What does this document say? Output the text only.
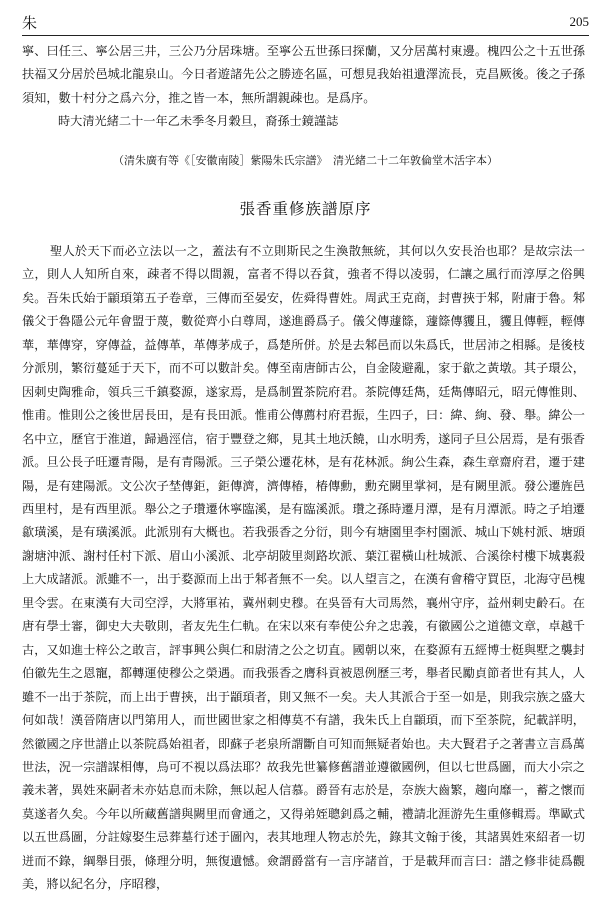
朱	205

寧、曰任三、寧公居三井，三公乃分居珠塘。至寧公五世孫曰探蘭，又分居萬村東邊。槐四公之十五世孫扶福又分居於邑城北龍泉山。今日者遊諸先公之勝迹名區，可想見我始祖遺澤流長，克昌厥後。後之子孫須知，數十村分之爲六分，推之皆一本，無所謂親疎也。是爲序。

時大清光緒二十一年乙未季冬月穀旦，裔孫士鏡謹誌

（清朱廣有等《［安徽南陵］紫陽朱氏宗譜》　清光緒二十二年敦倫堂木活字本）
張香重修族譜原序

聖人於天下而必立法以一之，蓋法有不立則斯民之生渙散無統，其何以久安長治也耶？是故宗法一立，則人人知所自來，疎者不得以間親，富者不得以吞貧，強者不得以凌弱，仁讓之風行而淳厚之俗興矣。吾朱氏始于顓頊第五子卷章，三傳而至晏安，佐舜得曹姓。周武王克商，封曹挾于邾，附庸于魯。邾儀父于魯隱公元年會盟于蔑，數從齊小白尊周，遂進爵爲子。儀父傳蘧篨，蘧篨傳貜且，貜且傳輕，輕傳華，華傳穿，穿傳益，益傳革，革傳茅成子，爲楚所併。於是去邾邑而以朱爲氏，世居沛之相縣。是後枝分派別，繁衍蔓延于天下，而不可以數計矣。傳至南唐師古公，自金陵避亂，家于歙之黃墩。其子環公，因刺史陶雅命，領兵三千鎮婺源，遂家焉，是爲制置茶院府君。茶院傳廷雋，廷雋傳昭元，昭元傳惟則、惟甫。惟則公之後世居長田，是有長田派。惟甫公傳薦村府君振，生四子，曰：緯、絢、發、舉。緯公一名中立，歷官于淮道，歸過涇信，宿于豐登之鄉，見其土地沃饒，山水明秀，遂同子旦公居焉，是有張香派。旦公長子旺遷青陽，是有青陽派。三子榮公遷花林，是有花林派。絢公生森，森生章齋府君，遷于建陽，是有建陽派。文公次子埜傳鉅，鉅傳濟，濟傳椿，椿傳勳，勳充闕里掌祠，是有闕里派。發公遷旌邑西里村，是有西里派。舉公之子瓚遷休寧臨溪，是有臨溪派。瓚之孫時遷月潭，是有月潭派。時之子垍遷歙璜溪，是有璜溪派。此派別有大概也。若我張香之分衍，則今有塘園里李村園派、城山下姚村派、塘頭謝塘沖派、謝村任村下派、眉山小溪派、北亭胡陂里剡路坎派、葉江翟橫山杜城派、合溪徐村樓下城裏殺上大成諸派。派雖不一，出于婺源而上出于邾者無不一矣。以人望言之，在漢有會稽守買臣，北海守邑槐里令雲。在東漢有大司空浮，大將軍祐，冀州刺史穆。在吳晉有大司馬然，襄州守序，益州刺史齡石。在唐有學士審，御史大夫敬則，者友先生仁軌。在宋以來有奉使公弁之忠義，有徽國公之道德文章，卓越千古，又如進士梓公之敢言，評事興公與仁和尉清之公之切直。國朝以來，在婺源有五經博士梃與墅之襲封伯徽先生之恩寵，都轉運使穆公之榮遇。而我張香之膺科貢被恩例歷三考，舉者民勵貞節者世有其人，人雖不一出于茶院，而上出于曹挾，出于顓頊者，則又無不一矣。夫人其派合于至一如是，則我宗族之盛大何如哉！漢晉隋唐以門第用人，而世國世家之相傳莫不有譜，我朱氏上自顓頊，而下至茶院，紀載詳明，然徽國之序世譜止以茶院爲始祖者，即蘇子老泉所謂斷自可知而無疑者始也。夫大賢君子之著書立言爲萬世法，況一宗譜謀相傳，烏可不視以爲法耶？故我先世纂修舊譜並遵徽國例，但以七世爲圖，而大小宗之義未著，異姓來嗣者未亦姑息而未除，無以起人信慕。爵晉有志於是，奈族大齒繁，趨向靡一，蓄之懷而莫遂者久矣。今年以所藏舊譜與闕里而會通之，又得弟姪聰釗爲之輔，禮請北涯游先生重修輯焉。準歐式以五世爲圖，分註嫁娶生忌葬墓行述于圖內，表其地理人物志於先，錄其文翰于後，其諸異姓來紹者一切迸而不錄，綱舉目張，條理分明，無復遺憾。僉謂爵當有一言序諸首，于是載拜而言曰：譜之修非徒爲觀美，將以紀名分，序昭穆，
